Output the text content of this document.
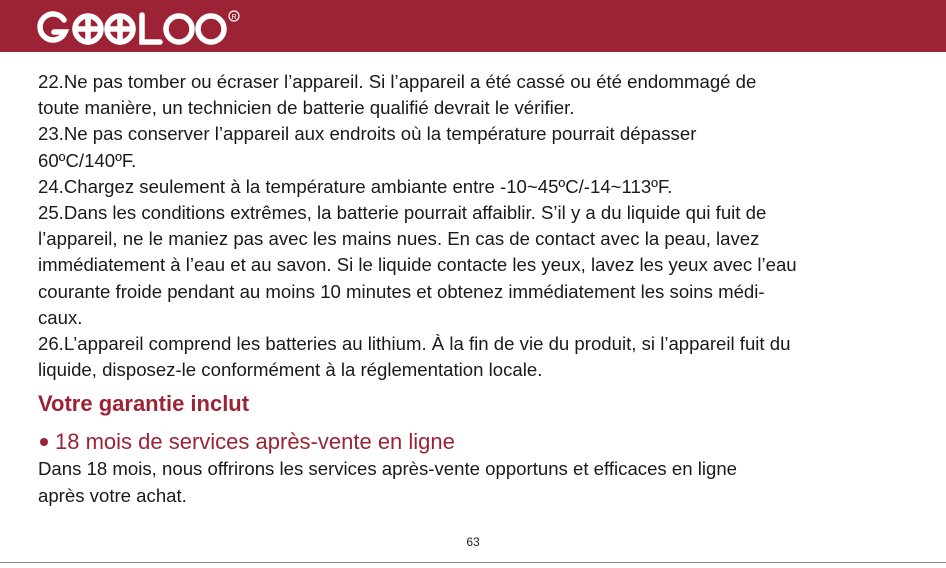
R

22.Ne pas tomber ou écraser l’appareil. Si l’appareil a été cassé ou été endommagé de

toute manière, un technicien de batterie qualifié devrait le vérifier.

23.Ne pas conserver l’appareil aux endroits où la température pourrait dépasser

60ºC/140ºF.

24.Chargez seulement à la température ambiante entre -10~45ºC/-14~113ºF.

25.Dans les conditions extrêmes, la batterie pourrait affaiblir. S’il y a du liquide qui fuit de

l’appareil, ne le maniez pas avec les mains nues. En cas de contact avec la peau, lavez

immédiatement à l’eau et au savon. Si le liquide contacte les yeux, lavez les yeux avec l’eau

courante froide pendant au moins 10 minutes et obtenez immédiatement les soins médi-

caux.

26.L’appareil comprend les batteries au lithium. À la fin de vie du produit, si l’appareil fuit du

liquide, disposez-le conformément à la réglementation locale.

Votre garantie inclut
18 mois de services après-vente en ligne

Dans 18 mois, nous offrirons les services après-vente opportuns et efficaces en ligne

après votre achat.

63
